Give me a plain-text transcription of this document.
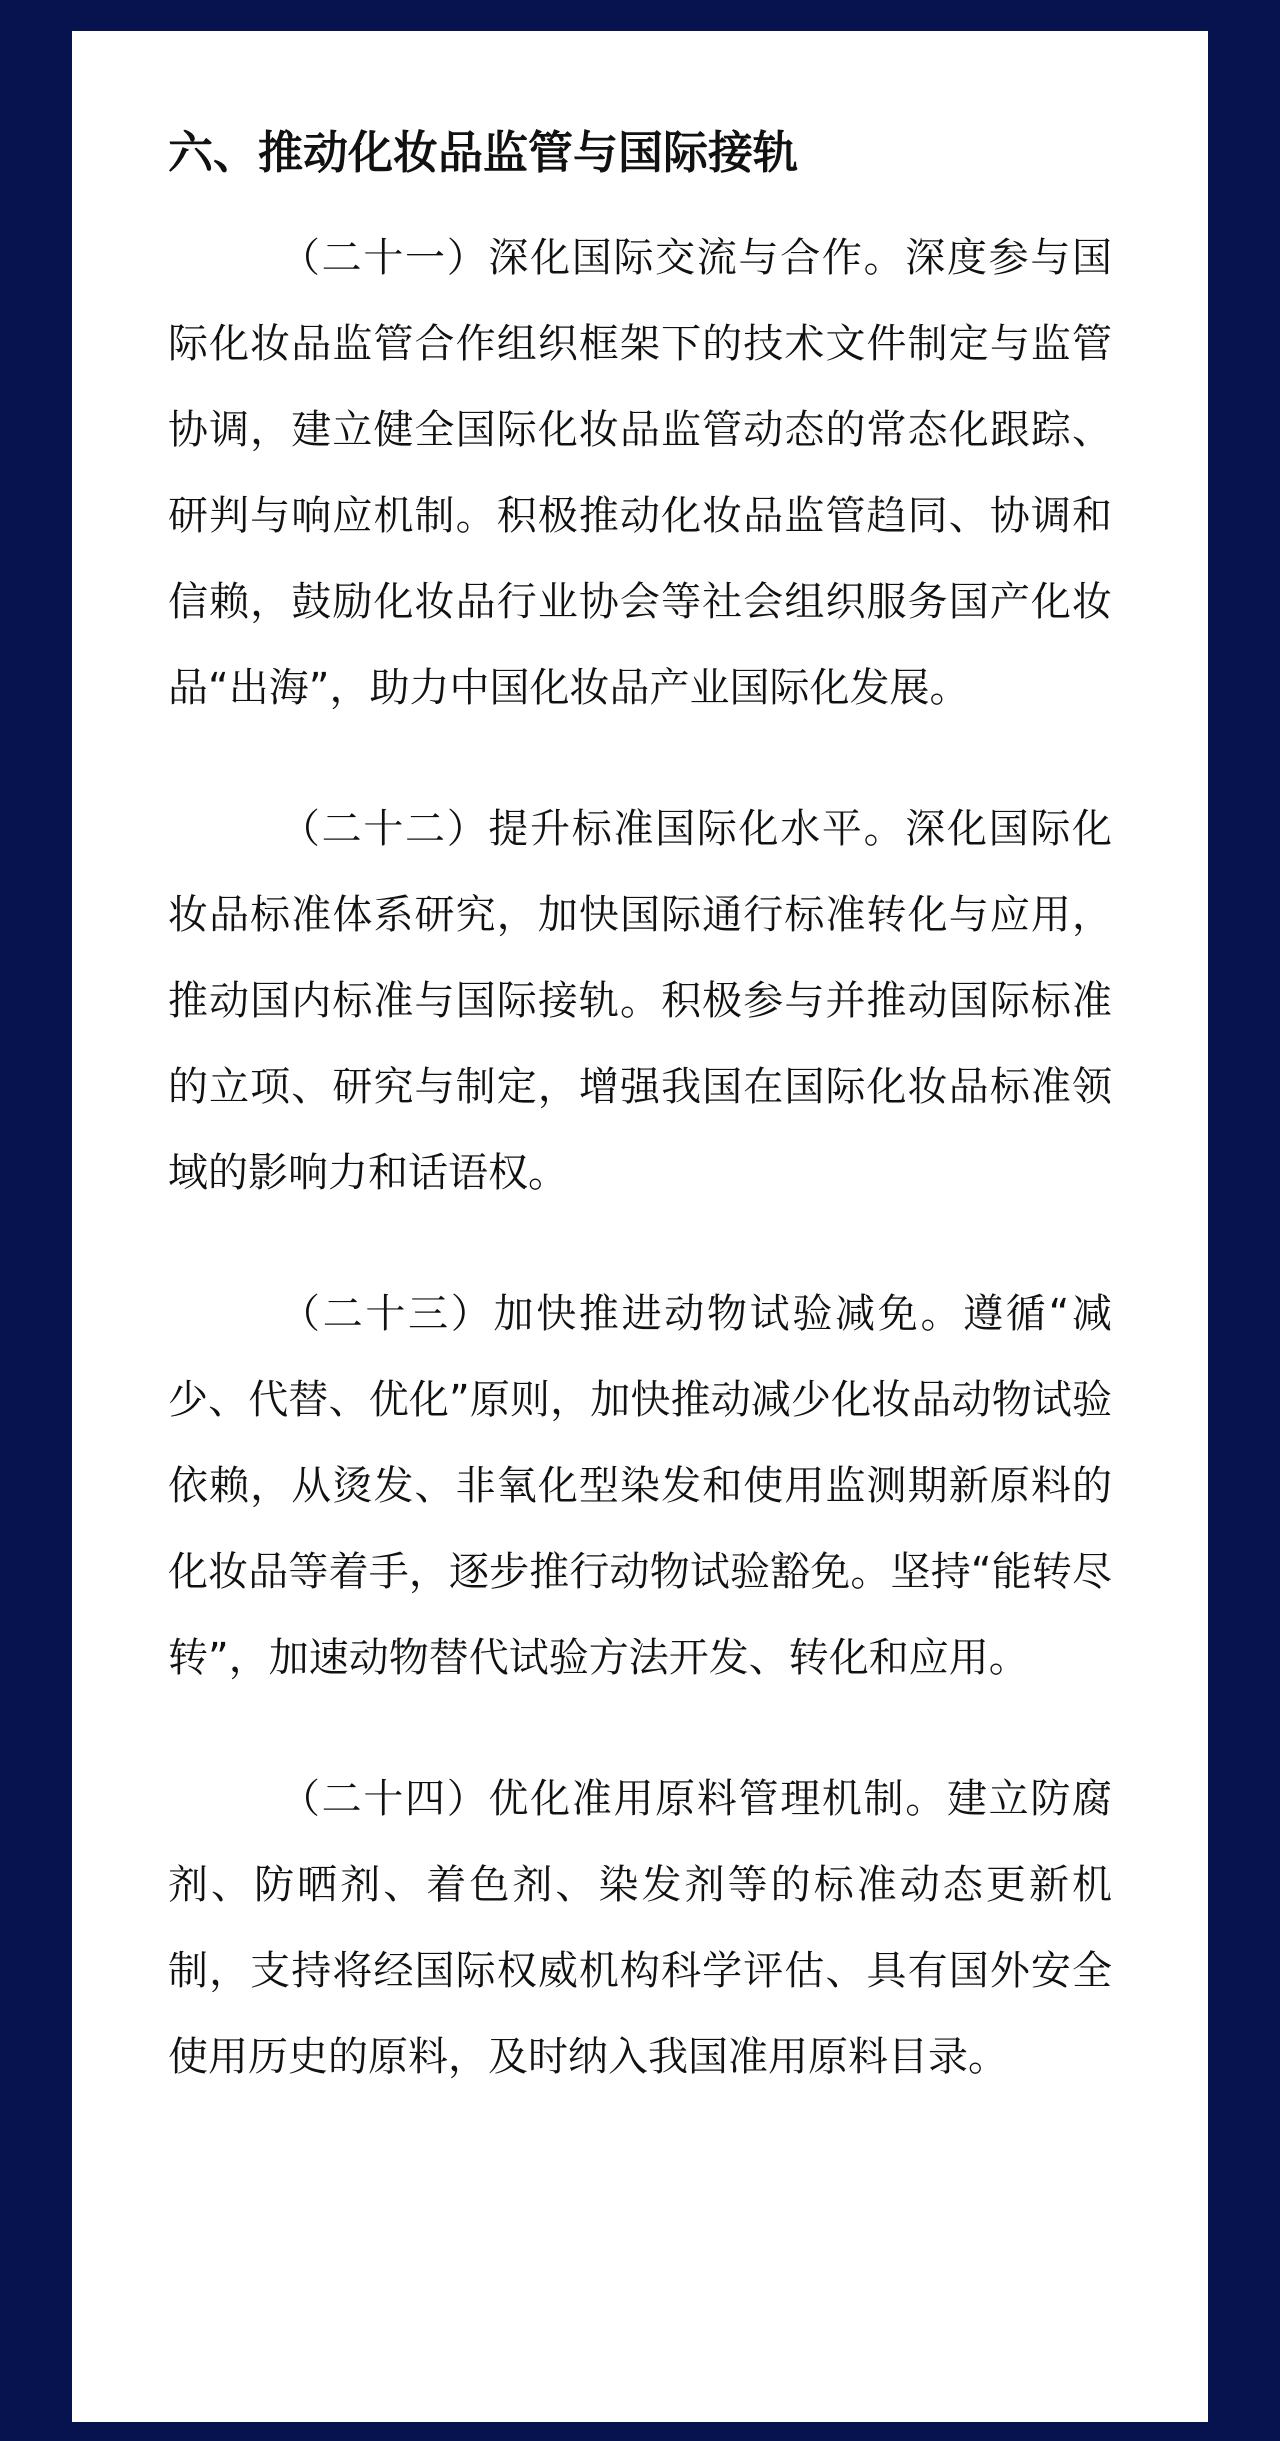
六、推动化妆品监管与国际接轨

（二十一）深化国际交流与合作。深度参与国际化妆品监管合作组织框架下的技术文件制定与监管协调，建立健全国际化妆品监管动态的常态化跟踪、研判与响应机制。积极推动化妆品监管趋同、协调和信赖，鼓励化妆品行业协会等社会组织服务国产化妆品“出海”，助力中国化妆品产业国际化发展。

（二十二）提升标准国际化水平。深化国际化妆品标准体系研究，加快国际通行标准转化与应用，推动国内标准与国际接轨。积极参与并推动国际标准的立项、研究与制定，增强我国在国际化妆品标准领域的影响力和话语权。

（二十三）加快推进动物试验减免。遵循“减少、代替、优化”原则，加快推动减少化妆品动物试验依赖，从烫发、非氧化型染发和使用监测期新原料的化妆品等着手，逐步推行动物试验豁免。坚持“能转尽转”，加速动物替代试验方法开发、转化和应用。

（二十四）优化准用原料管理机制。建立防腐剂、防晒剂、着色剂、染发剂等的标准动态更新机制，支持将经国际权威机构科学评估、具有国外安全使用历史的原料，及时纳入我国准用原料目录。
